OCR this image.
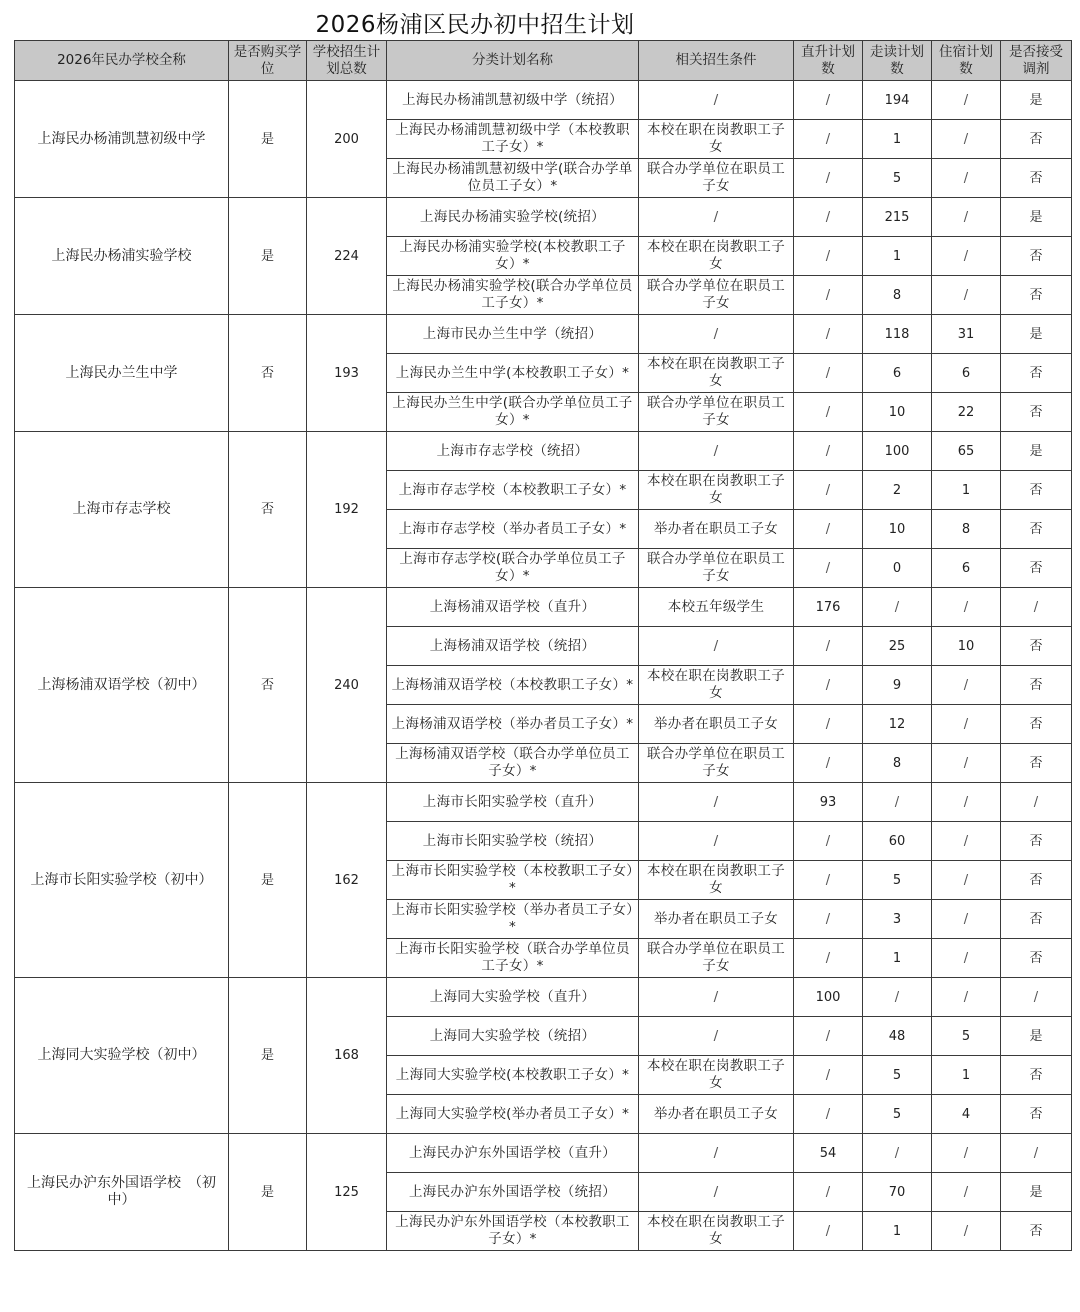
2026杨浦区民办初中招生计划
2026年民办学校全称	是否购买学位	学校招生计划总数	分类计划名称	相关招生条件	直升计划数	走读计划数	住宿计划数	是否接受调剂
上海民办杨浦凯慧初级中学	是	200	上海民办杨浦凯慧初级中学（统招）	/	/	194	/	是
			上海民办杨浦凯慧初级中学（本校教职工子女）*	本校在职在岗教职工子女	/	1	/	否
			上海民办杨浦凯慧初级中学(联合办学单位员工子女）*	联合办学单位在职员工子女	/	5	/	否
上海民办杨浦实验学校	是	224	上海民办杨浦实验学校(统招）	/	/	215	/	是
			上海民办杨浦实验学校(本校教职工子女）*	本校在职在岗教职工子女	/	1	/	否
			上海民办杨浦实验学校(联合办学单位员工子女）*	联合办学单位在职员工子女	/	8	/	否
上海民办兰生中学	否	193	上海市民办兰生中学（统招）	/	/	118	31	是
			上海民办兰生中学(本校教职工子女）*	本校在职在岗教职工子女	/	6	6	否
			上海民办兰生中学(联合办学单位员工子女）*	联合办学单位在职员工子女	/	10	22	否
上海市存志学校	否	192	上海市存志学校（统招）	/	/	100	65	是
			上海市存志学校（本校教职工子女）*	本校在职在岗教职工子女	/	2	1	否
			上海市存志学校（举办者员工子女）*	举办者在职员工子女	/	10	8	否
			上海市存志学校(联合办学单位员工子女）*	联合办学单位在职员工子女	/	0	6	否
上海杨浦双语学校（初中）	否	240	上海杨浦双语学校（直升）	本校五年级学生	176	/	/	/
			上海杨浦双语学校（统招）	/	/	25	10	否
			上海杨浦双语学校（本校教职工子女）*	本校在职在岗教职工子女	/	9	/	否
			上海杨浦双语学校（举办者员工子女）*	举办者在职员工子女	/	12	/	否
			上海杨浦双语学校（联合办学单位员工子女）*	联合办学单位在职员工子女	/	8	/	否
上海市长阳实验学校（初中）	是	162	上海市长阳实验学校（直升）	/	93	/	/	/
			上海市长阳实验学校（统招）	/	/	60	/	否
			上海市长阳实验学校（本校教职工子女）*	本校在职在岗教职工子女	/	5	/	否
			上海市长阳实验学校（举办者员工子女）*	举办者在职员工子女	/	3	/	否
			上海市长阳实验学校（联合办学单位员工子女）*	联合办学单位在职员工子女	/	1	/	否
上海同大实验学校（初中）	是	168	上海同大实验学校（直升）	/	100	/	/	/
			上海同大实验学校（统招）	/	/	48	5	是
			上海同大实验学校(本校教职工子女）*	本校在职在岗教职工子女	/	5	1	否
			上海同大实验学校(举办者员工子女）*	举办者在职员工子女	/	5	4	否
上海民办沪东外国语学校　（初中）	是	125	上海民办沪东外国语学校（直升）	/	54	/	/	/
			上海民办沪东外国语学校（统招）	/	/	70	/	是
			上海民办沪东外国语学校（本校教职工子女）*	本校在职在岗教职工子女	/	1	/	否
